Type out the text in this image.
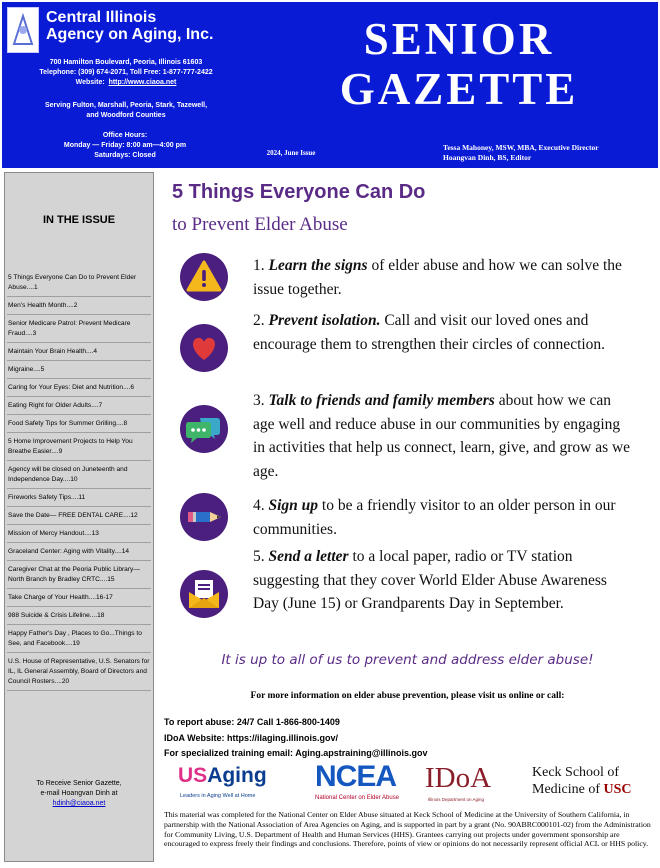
Central Illinois
Agency on Aging, Inc.
700 Hamilton Boulevard, Peoria, Illinois 61603
Telephone: (309) 674-2071, Toll Free: 1-877-777-2422
Website: http://www.ciaoa.net
Serving Fulton, Marshall, Peoria, Stark, Tazewell,
and Woodford Counties
Office Hours:
Monday — Friday: 8:00 am—4:00 pm
Saturdays: Closed
SENIOR
GAZETTE
2024, June Issue
Tessa Mahoney, MSW, MBA, Executive Director
Hoangvan Dinh, BS, Editor
IN THE ISSUE
5 Things Everyone Can Do to Prevent Elder Abuse....1
Men's Health Month....2
Senior Medicare Patrol: Prevent Medicare Fraud....3
Maintain Your Brain Health....4
Migraine....5
Caring for Your Eyes: Diet and Nutrition....6
Eating Right for Older Adults....7
Food Safety Tips for Summer Grilling....8
5 Home Improvement Projects to Help You Breathe Easier....9
Agency will be closed on Juneteenth and Independence Day....10
Fireworks Safety Tips....11
Save the Date— FREE DENTAL CARE....12
Mission of Mercy Handout....13
Graceland Center: Aging with Vitality....14
Caregiver Chat at the Peoria Public Library—North Branch by Bradley CRTC....15
Take Charge of Your Health....16-17
988 Suicide & Crisis Lifeline....18
Happy Father's Day , Places to Go...Things to See, and Facebook....19
U.S. House of Representative, U.S. Senators for IL, IL General Assembly, Board of Directors and Council Rosters....20
To Receive Senior Gazette,
e-mail Hoangvan Dinh at
hdinh@ciaoa.net
5 Things Everyone Can Do
to Prevent Elder Abuse
1. Learn the signs of elder abuse and how we can solve the issue together.
2. Prevent isolation. Call and visit our loved ones and encourage them to strengthen their circles of connection.
3. Talk to friends and family members about how we can age well and reduce abuse in our communities by engaging in activities that help us connect, learn, give, and grow as we age.
4. Sign up to be a friendly visitor to an older person in our communities.
5. Send a letter to a local paper, radio or TV station suggesting that they cover World Elder Abuse Awareness Day (June 15) or Grandparents Day in September.
It is up to all of us to prevent and address elder abuse!
For more information on elder abuse prevention, please visit us online or call:
To report abuse: 24/7 Call 1-866-800-1409
IDoA Website: https://ilaging.illinois.gov/
For specialized training email: Aging.apstraining@illinois.gov
USAging
Leaders in Aging Well at Home
NCEA
National Center on Elder Abuse
IDoA
Illinois Department on Aging
Keck School of
Medicine of USC
This material was completed for the National Center on Elder Abuse situated at Keck School of Medicine at the University of Southern California, in partnership with the National Association of Area Agencies on Aging, and is supported in part by a grant (No. 90ABRC000101-02) from the Administration for Community Living, U.S. Department of Health and Human Services (HHS). Grantees carrying out projects under government sponsorship are encouraged to express freely their findings and conclusions. Therefore, points of view or opinions do not necessarily represent official ACL or HHS policy.
